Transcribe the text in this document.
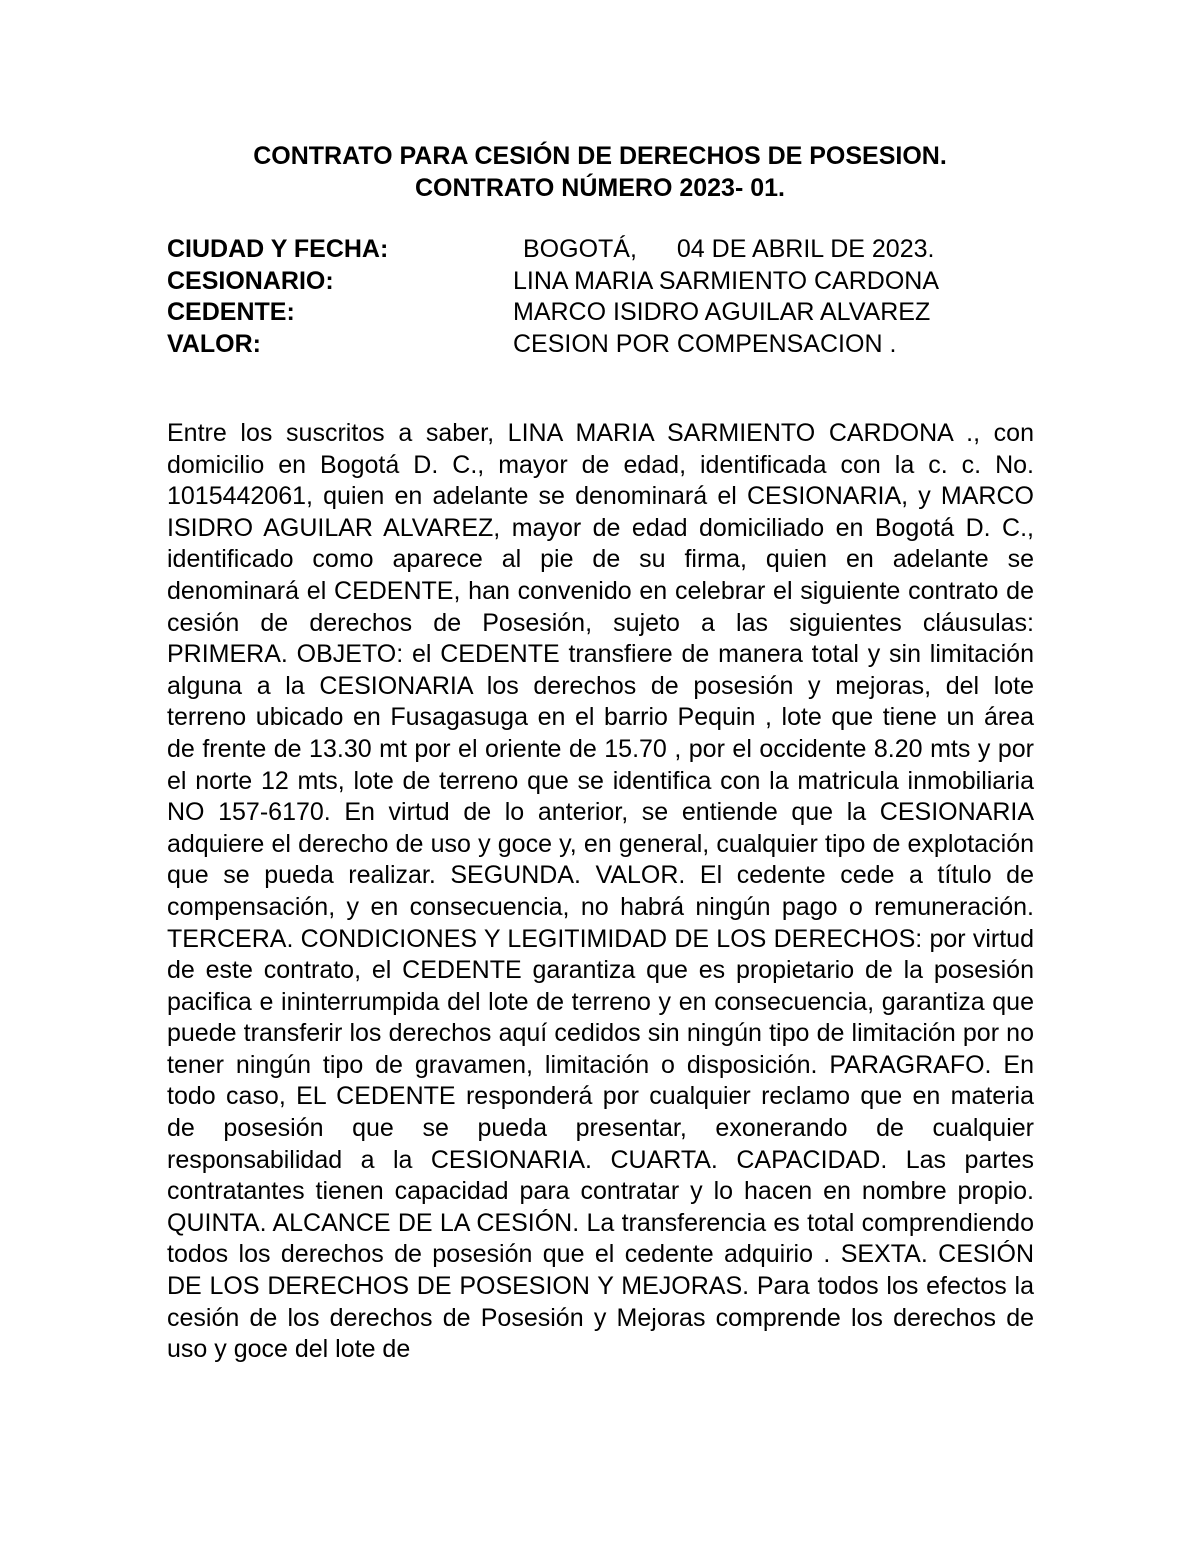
CONTRATO PARA CESIÓN DE DERECHOS DE POSESION.
CONTRATO NÚMERO 2023- 01.
CIUDAD Y FECHA:	BOGOTÁ, 04 DE ABRIL DE 2023.
CESIONARIO:	LINA MARIA SARMIENTO CARDONA
CEDENTE:	MARCO ISIDRO AGUILAR ALVAREZ
VALOR:	CESION POR COMPENSACION .

Entre los suscritos a saber, LINA MARIA SARMIENTO CARDONA ., con domicilio en Bogotá D. C., mayor de edad, identificada con la c. c. No. 1015442061, quien en adelante se denominará el CESIONARIA, y MARCO ISIDRO AGUILAR ALVAREZ, mayor de edad domiciliado en Bogotá D. C., identificado como aparece al pie de su firma, quien en adelante se denominará el CEDENTE, han convenido en celebrar el siguiente contrato de cesión de derechos de Posesión, sujeto a las siguientes cláusulas: PRIMERA. OBJETO: el CEDENTE transfiere de manera total y sin limitación alguna a la CESIONARIA los derechos de posesión y mejoras, del lote terreno ubicado en Fusagasuga en el barrio Pequin , lote que tiene un área de frente de 13.30 mt por el oriente de 15.70 , por el occidente 8.20 mts y por el norte 12 mts, lote de terreno que se identifica con la matricula inmobiliaria NO 157-6170. En virtud de lo anterior, se entiende que la CESIONARIA adquiere el derecho de uso y goce y, en general, cualquier tipo de explotación que se pueda realizar. SEGUNDA. VALOR. El cedente cede a título de compensación, y en consecuencia, no habrá ningún pago o remuneración. TERCERA. CONDICIONES Y LEGITIMIDAD DE LOS DERECHOS: por virtud de este contrato, el CEDENTE garantiza que es propietario de la posesión pacifica e ininterrumpida del lote de terreno y en consecuencia, garantiza que puede transferir los derechos aquí cedidos sin ningún tipo de limitación por no tener ningún tipo de gravamen, limitación o disposición. PARAGRAFO. En todo caso, EL CEDENTE responderá por cualquier reclamo que en materia de posesión que se pueda presentar, exonerando de cualquier responsabilidad a la CESIONARIA. CUARTA. CAPACIDAD. Las partes contratantes tienen capacidad para contratar y lo hacen en nombre propio. QUINTA. ALCANCE DE LA CESIÓN. La transferencia es total comprendiendo todos los derechos de posesión que el cedente adquirio . SEXTA. CESIÓN DE LOS DERECHOS DE POSESION Y MEJORAS. Para todos los efectos la cesión de los derechos de Posesión y Mejoras comprende los derechos de uso y goce del lote de
